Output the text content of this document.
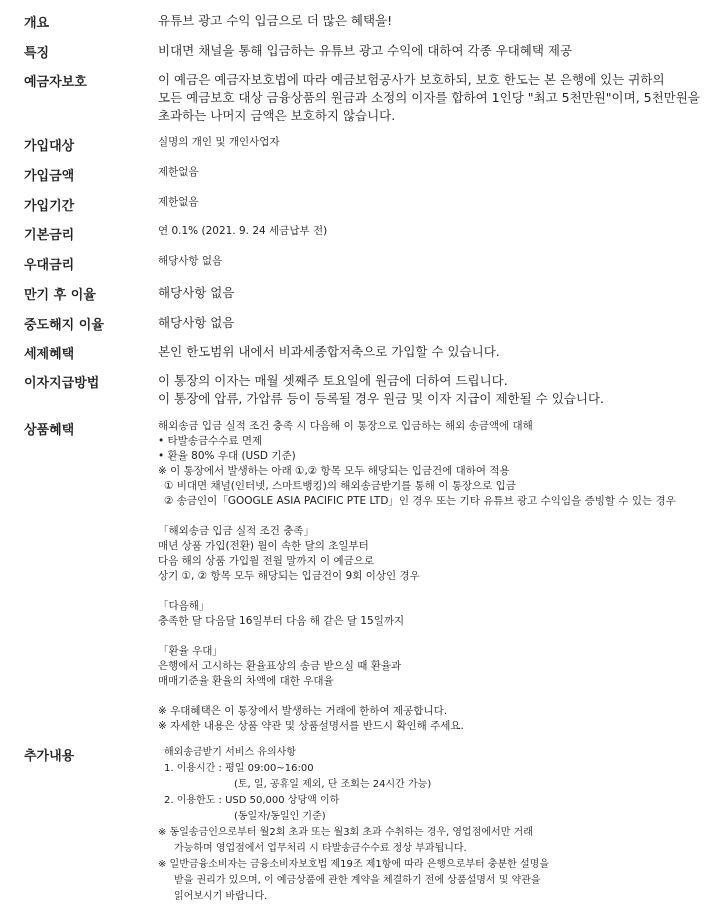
개요	유튜브 광고 수익 입금으로 더 많은 혜택을!
특징	비대면 채널을 통해 입금하는 유튜브 광고 수익에 대하여 각종 우대혜택 제공
예금자보호	이 예금은 예금자보호법에 따라 예금보험공사가 보호하되, 보호 한도는 본 은행에 있는 귀하의
모든 예금보호 대상 금융상품의 원금과 소정의 이자를 합하여 1인당 "최고 5천만원"이며, 5천만원을
초과하는 나머지 금액은 보호하지 않습니다.
가입대상	실명의 개인 및 개인사업자
가입금액	제한없음
가입기간	제한없음
기본금리	연 0.1% (2021. 9. 24 세금납부 전)
우대금리	해당사항 없음
만기 후 이율	해당사항 없음
중도해지 이율	해당사항 없음
세제혜택	본인 한도범위 내에서 비과세종합저축으로 가입할 수 있습니다.
이자지급방법	이 통장의 이자는 매월 셋째주 토요일에 원금에 더하여 드립니다.
이 통장에 압류, 가압류 등이 등록될 경우 원금 및 이자 지급이 제한될 수 있습니다.
상품혜택	해외송금 입금 실적 조건 충족 시 다음해 이 통장으로 입금하는 해외 송금액에 대해
• 타발송금수수료 면제
• 환율 80% 우대 (USD 기준)
※ 이 통장에서 발생하는 아래 ①,② 항목 모두 해당되는 입금건에 대하여 적용
① 비대면 채널(인터넷, 스마트뱅킹)의 해외송금받기를 통해 이 통장으로 입금
② 송금인이「GOOGLE ASIA PACIFIC PTE LTD」인 경우 또는 기타 유튜브 광고 수익임을 증빙할 수 있는 경우
「해외송금 입금 실적 조건 충족」
매년 상품 가입(전환) 월이 속한 달의 초일부터
다음 해의 상품 가입월 전월 말까지 이 예금으로
상기 ①, ② 항목 모두 해당되는 입금건이 9회 이상인 경우
「다음해」
충족한 달 다음달 16일부터 다음 해 같은 달 15일까지
「환율 우대」
은행에서 고시하는 환율표상의 송금 받으실 때 환율과
매매기준율 환율의 차액에 대한 우대율
※ 우대혜택은 이 통장에서 발생하는 거래에 한하여 제공합니다.
※ 자세한 내용은 상품 약관 및 상품설명서를 반드시 확인해 주세요.
추가내용	해외송금받기 서비스 유의사항
1. 이용시간 : 평일 09:00~16:00
(토, 일, 공휴일 제외, 단 조회는 24시간 가능)
2. 이용한도 : USD 50,000 상당액 이하
(동일자/동일인 기준)
※ 동일송금인으로부터 월2회 초과 또는 월3회 초과 수취하는 경우, 영업점에서만 거래
가능하며 영업점에서 업무처리 시 타발송금수수료 정상 부과됩니다.
※ 일반금융소비자는 금융소비자보호법 제19조 제1항에 따라 은행으로부터 충분한 설명을
받을 권리가 있으며, 이 예금상품에 관한 계약을 체결하기 전에 상품설명서 및 약관을
읽어보시기 바랍니다.
